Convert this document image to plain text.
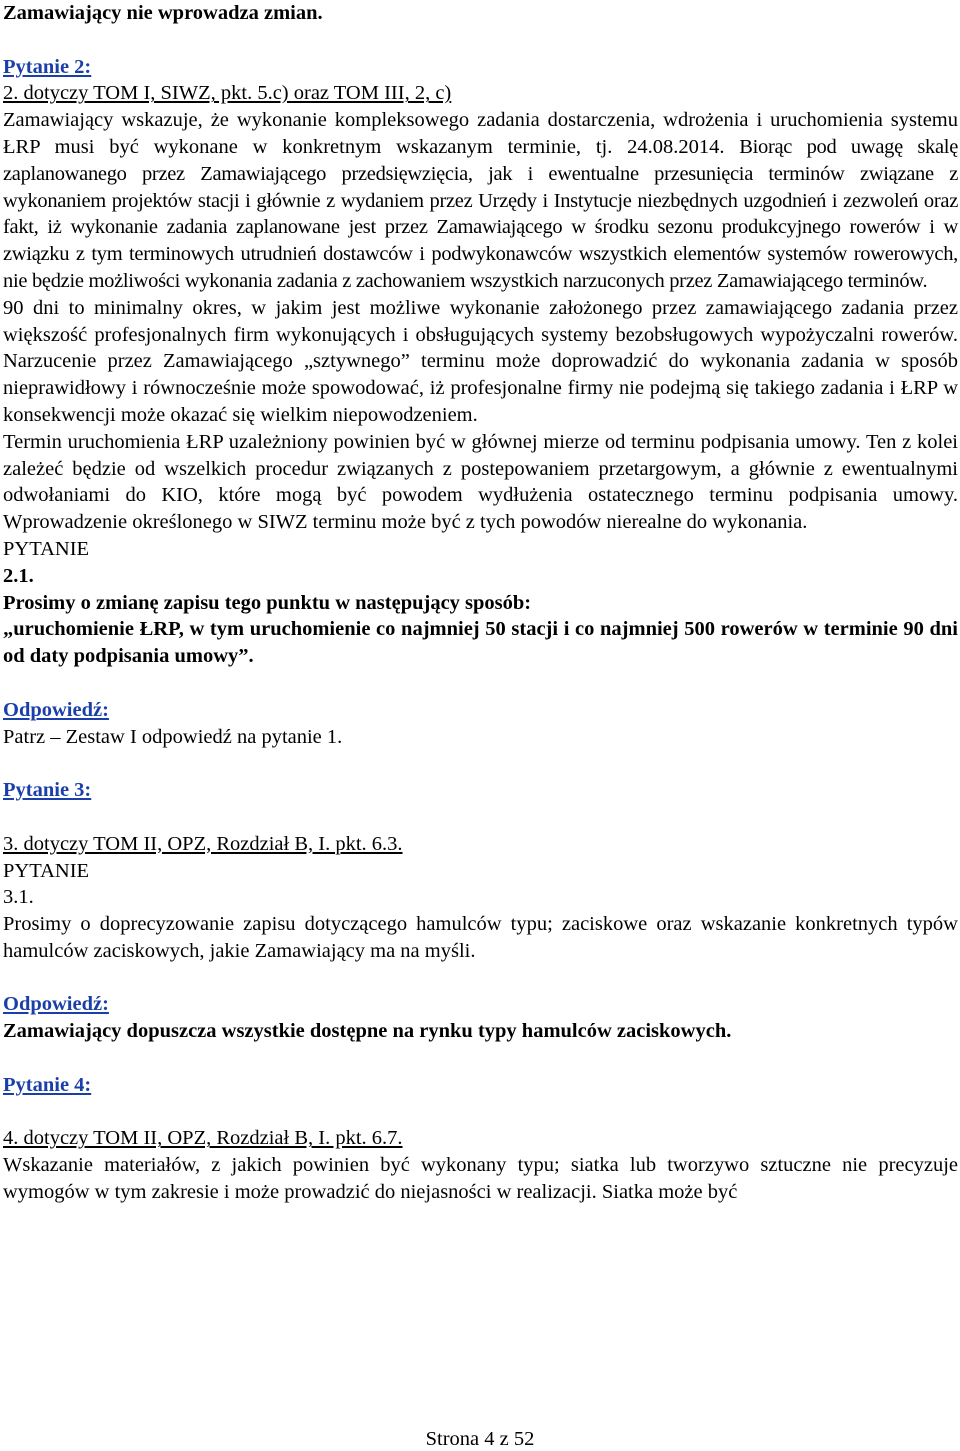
Zamawiający nie wprowadza zmian.

Pytanie 2:

2. dotyczy TOM I, SIWZ, pkt. 5.c) oraz TOM III, 2, c)

Zamawiający wskazuje, że wykonanie kompleksowego zadania dostarczenia, wdrożenia i uruchomienia systemu ŁRP musi być wykonane w konkretnym wskazanym terminie, tj. 24.08.2014. Biorąc pod uwagę skalę zaplanowanego przez Zamawiającego przedsięwzięcia, jak i ewentualne przesunięcia terminów związane z wykonaniem projektów stacji i głównie z wydaniem przez Urzędy i Instytucje niezbędnych uzgodnień i zezwoleń oraz fakt, iż wykonanie zadania zaplanowane jest przez Zamawiającego w środku sezonu produkcyjnego rowerów i w związku z tym terminowych utrudnień dostawców i podwykonawców wszystkich elementów systemów rowerowych, nie będzie możliwości wykonania zadania z zachowaniem wszystkich narzuconych przez Zamawiającego terminów.

90 dni to minimalny okres, w jakim jest możliwe wykonanie założonego przez zamawiającego zadania przez większość profesjonalnych firm wykonujących i obsługujących systemy bezobsługowych wypożyczalni rowerów. Narzucenie przez Zamawiającego „sztywnego” terminu może doprowadzić do wykonania zadania w sposób nieprawidłowy i równocześnie może spowodować, iż profesjonalne firmy nie podejmą się takiego zadania i ŁRP w konsekwencji może okazać się wielkim niepowodzeniem.

Termin uruchomienia ŁRP uzależniony powinien być w głównej mierze od terminu podpisania umowy. Ten z kolei zależeć będzie od wszelkich procedur związanych z postepowaniem przetargowym, a głównie z ewentualnymi odwołaniami do KIO, które mogą być powodem wydłużenia ostatecznego terminu podpisania umowy. Wprowadzenie określonego w SIWZ terminu może być z tych powodów nierealne do wykonania.

PYTANIE

2.1.

Prosimy o zmianę zapisu tego punktu w następujący sposób:

„uruchomienie ŁRP, w tym uruchomienie co najmniej 50 stacji i co najmniej 500 rowerów w terminie 90 dni od daty podpisania umowy”.

Odpowiedź:

Patrz – Zestaw I odpowiedź na pytanie 1.

Pytanie 3:

3. dotyczy TOM II, OPZ, Rozdział B, I. pkt. 6.3.

PYTANIE

3.1.

Prosimy o doprecyzowanie zapisu dotyczącego hamulców typu; zaciskowe oraz wskazanie konkretnych typów hamulców zaciskowych, jakie Zamawiający ma na myśli.

Odpowiedź:

Zamawiający dopuszcza wszystkie dostępne na rynku typy hamulców zaciskowych.

Pytanie 4:

4. dotyczy TOM II, OPZ, Rozdział B, I. pkt. 6.7.

Wskazanie materiałów, z jakich powinien być wykonany typu; siatka lub tworzywo sztuczne nie precyzuje wymogów w tym zakresie i może prowadzić do niejasności w realizacji. Siatka może być

Strona 4 z 52
